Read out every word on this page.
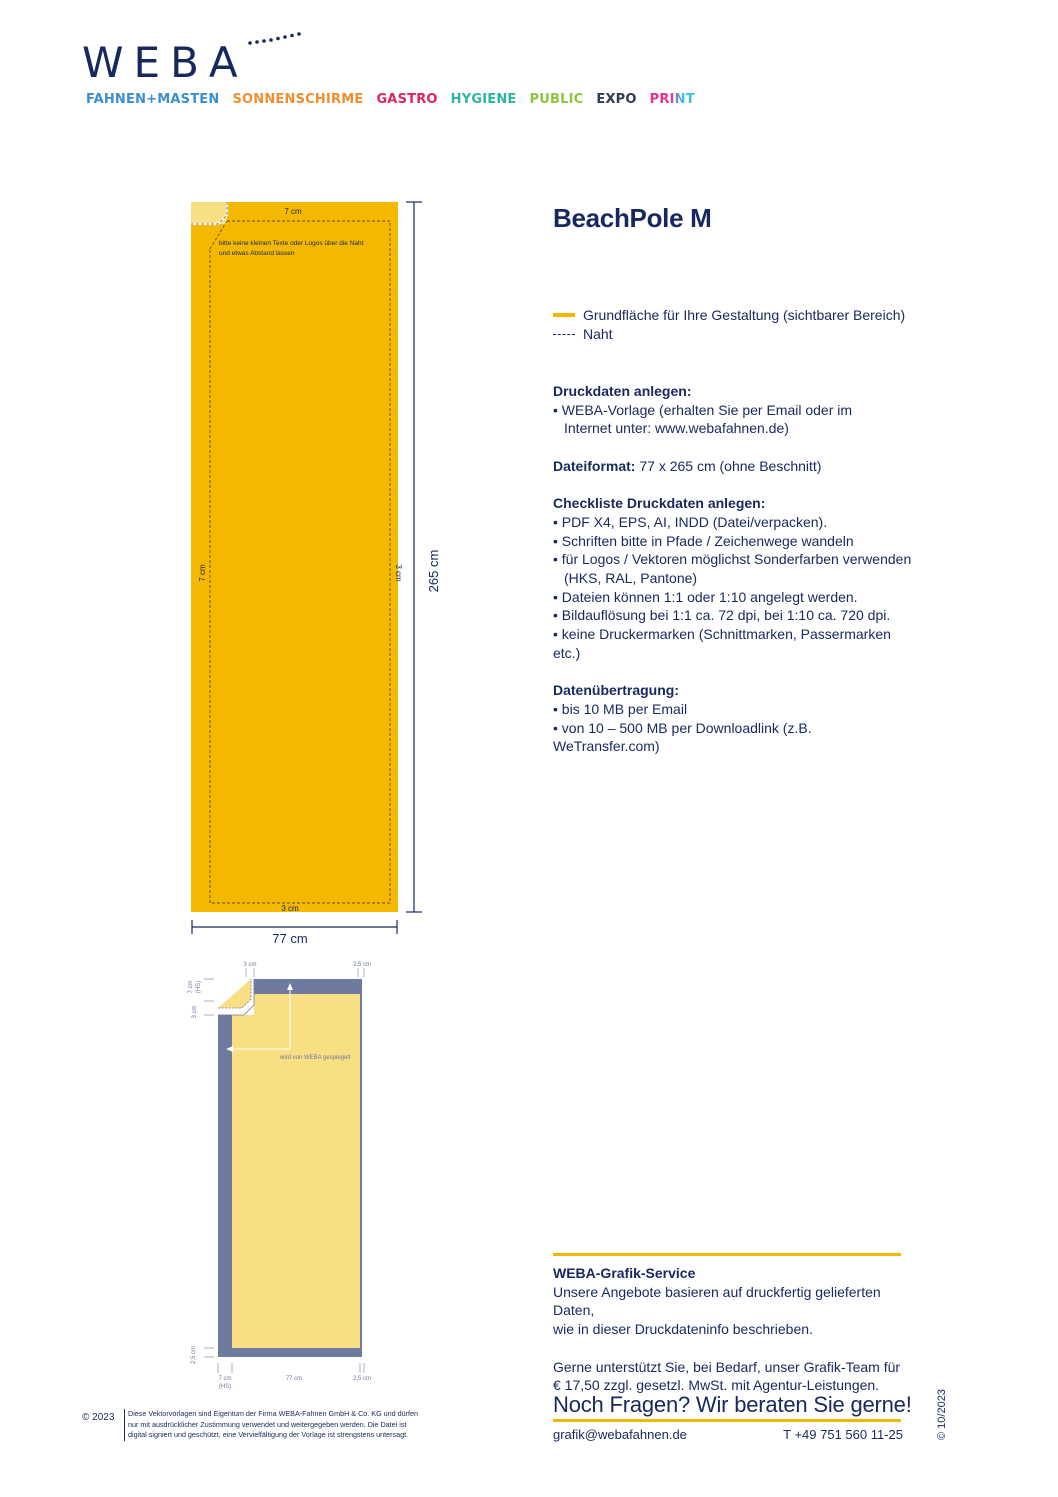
WEBA
FAHNEN+MASTEN SONNENSCHIRME GASTRO HYGIENE PUBLIC EXPO PRINT
7 cm
bitte keine kleinen Texte oder Logos über die Naht
und etwas Abstand lassen
7 cm	3 cm
3 cm
265 cm
77 cm
3 cm	2,5 cm
wird von WEBA gespiegelt
7 cm (HS)
3 cm
2,5 cm
7 cm
(HS)
77 cm	2,5 cm
BeachPole M
Grundfläche für Ihre Gestaltung (sichtbarer Bereich)
Naht
Druckdaten anlegen:
• WEBA-Vorlage (erhalten Sie per Email oder im
Internet unter: www.webafahnen.de)
Dateiformat: 77 x 265 cm (ohne Beschnitt)
Checkliste Druckdaten anlegen:
• PDF X4, EPS, AI, INDD (Datei/verpacken).
• Schriften bitte in Pfade / Zeichenwege wandeln
• für Logos / Vektoren möglichst Sonderfarben verwenden
(HKS, RAL, Pantone)
• Dateien können 1:1 oder 1:10 angelegt werden.
• Bildauflösung bei 1:1 ca. 72 dpi, bei 1:10 ca. 720 dpi.
• keine Druckermarken (Schnittmarken, Passermarken etc.)
Datenübertragung:
• bis 10 MB per Email
• von 10 – 500 MB per Downloadlink (z.B. WeTransfer.com)
WEBA-Grafik-Service
Unsere Angebote basieren auf druckfertig gelieferten Daten,
wie in dieser Druckdateninfo beschrieben.
Gerne unterstützt Sie, bei Bedarf, unser Grafik-Team für
€ 17,50 zzgl. gesetzl. MwSt. mit Agentur-Leistungen.
Noch Fragen? Wir beraten Sie gerne!
grafik@webafahnen.de	T +49 751 560 11-25
© 2023 Diese Vektorvorlagen sind Eigentum der Firma WEBA-Fahnen GmbH & Co. KG und dürfen
nur mit ausdrücklicher Zustimmung verwendet und weitergegeben werden. Die Datei ist
digital signiert und geschützt, eine Vervielfältigung der Vorlage ist strengstens untersagt.	© 10/2023
